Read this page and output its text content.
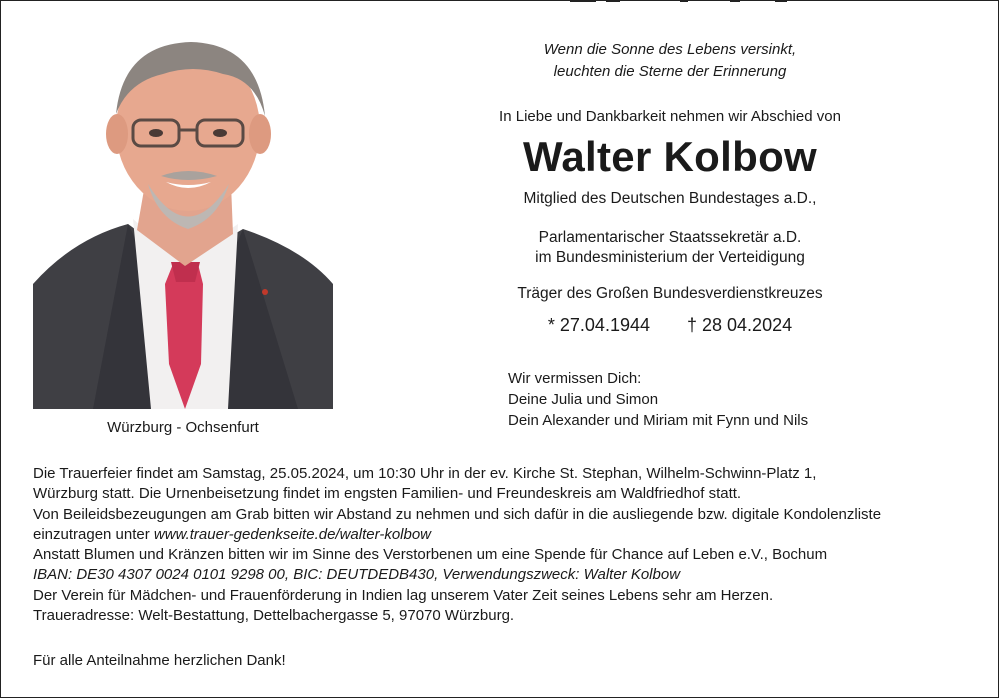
Würzburg - Ochsenfurt
Wenn die Sonne des Lebens versinkt,
leuchten die Sterne der Erinnerung
In Liebe und Dankbarkeit nehmen wir Abschied von
Walter Kolbow
Mitglied des Deutschen Bundestages a.D.,
Parlamentarischer Staatssekretär a.D.
im Bundesministerium der Verteidigung
Träger des Großen Bundesverdienstkreuzes
* 27.04.1944 † 28 04.2024
Wir vermissen Dich:
Deine Julia und Simon
Dein Alexander und Miriam mit Fynn und Nils
Die Trauerfeier findet am Samstag, 25.05.2024, um 10:30 Uhr in der ev. Kirche St. Stephan, Wilhelm-Schwinn-Platz 1,
Würzburg statt. Die Urnenbeisetzung findet im engsten Familien- und Freundeskreis am Waldfriedhof statt.
Von Beileidsbezeugungen am Grab bitten wir Abstand zu nehmen und sich dafür in die ausliegende bzw. digitale Kondolenzliste
einzutragen unter www.trauer-gedenkseite.de/walter-kolbow
Anstatt Blumen und Kränzen bitten wir im Sinne des Verstorbenen um eine Spende für Chance auf Leben e.V., Bochum
IBAN: DE30 4307 0024 0101 9298 00, BIC: DEUTDEDB430, Verwendungszweck: Walter Kolbow
Der Verein für Mädchen- und Frauenförderung in Indien lag unserem Vater Zeit seines Lebens sehr am Herzen.
Traueradresse: Welt-Bestattung, Dettelbachergasse 5, 97070 Würzburg.
Für alle Anteilnahme herzlichen Dank!
